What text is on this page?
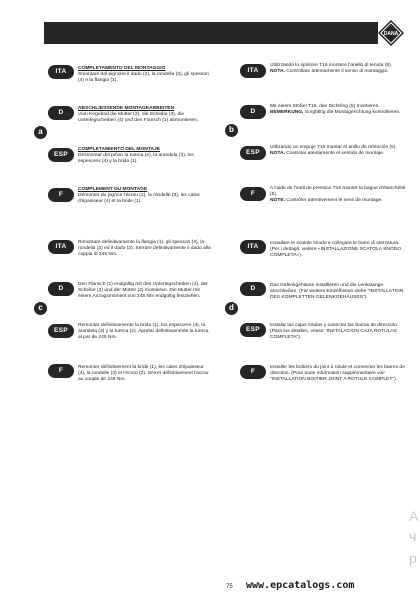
DANA
ITA	COMPLETAMENTO DEL MONTAGGIO
Smontare dal pignone il dado (2), la rondella (3), gli spessori (4) e la flangia (1).
D
ABSCHLIESSENDE MONTAGEARBEITEN
Vom Kegelrad die Mutter (2), die Scheibe (3), die Unterlegscheiben (4) und den Flansch (1) abmontieren.
a
ESP
COMPLETAMIENTO DEL MONTAJE
Desmontar del piñon la tuerca (2), la arandela (3), los espesores (4) y la brida (1).
F
COMPLEMENT DU MONTAGE
Démonter du pignon l'écrou (2), la rondelle (3), les cales d'épaisseur (4) et la bride (1).
ITA
Utilizzando lo spintore T16 montare l'anello di tenuta (5).
NOTA. Controllare attentamente il senso di montaggio.
D
Mit einem Stößel T16, den Dichtring (5) montieren.
BEMERKUNG. Sorgfältig die Montagerichtung kontrollieren.
b
ESP
Utilizando un empuje T16 montar el anillo de retención (5).
NOTA. Controlar atentamente el sentido de montaje.
F
A l'aide de l'outil de pression T16 monter la bague d'étanchéité (5).
NOTE. Contrôler attentivement le sens de montage.
ITA
Rimontare definitivamente la flangia (1), gli spessori (4), la rondella (3) ed il dado (2). Serrare definitivamente il dado alla coppia di 245 Nm.
D
Den Flansch (1) endgültig mit den Unterlegscheiben (4), der Scheibe (3) und der Mutter (2) montieren. Die Mutter mit einem Anzugsmoment von 245 Nm endgültig festziehen.
c
ESP
Remontar definitivamente la brida (1), los espesores (4), la arandela (3) y la tuerca (2). Apretar definitivamente la tuerca al par de 245 Nm.
F	Remonter définitivement la bride (1), les cales d'épaisseur (4), la rondelle (3) et l'écrou (2). Serrer définitivement l'écrou au couple de 245 Nm.
ITA	Installare le scatole snodo e collegare le barre di sterzatura. (Per i dettagli, vedere «INSTALLAZIONE SCATOLA SNODO COMPLETA»).
D	Das Gelenkgehäuse installieren und die Lenkstange anschließen. (Für weitere Einzelheiten siehe "INSTALLATION DES KOMPLETTEN GELENKGEHÄUSES").
d
ESP
Instalar las cajas rotulas y conectar las barras de dirección. (Para los detalles, vease "INSTALACION CAJA ROTULAS COMPLETA").
F
Installer les boîtiers du joint à rotule et connecter les barres de direction. (Pour toute information supplémentaire voir "INSTALLATION BOITIER JOINT A ROTULE COMPLET").
A
ч
p
75 www.epcatalogs.com
